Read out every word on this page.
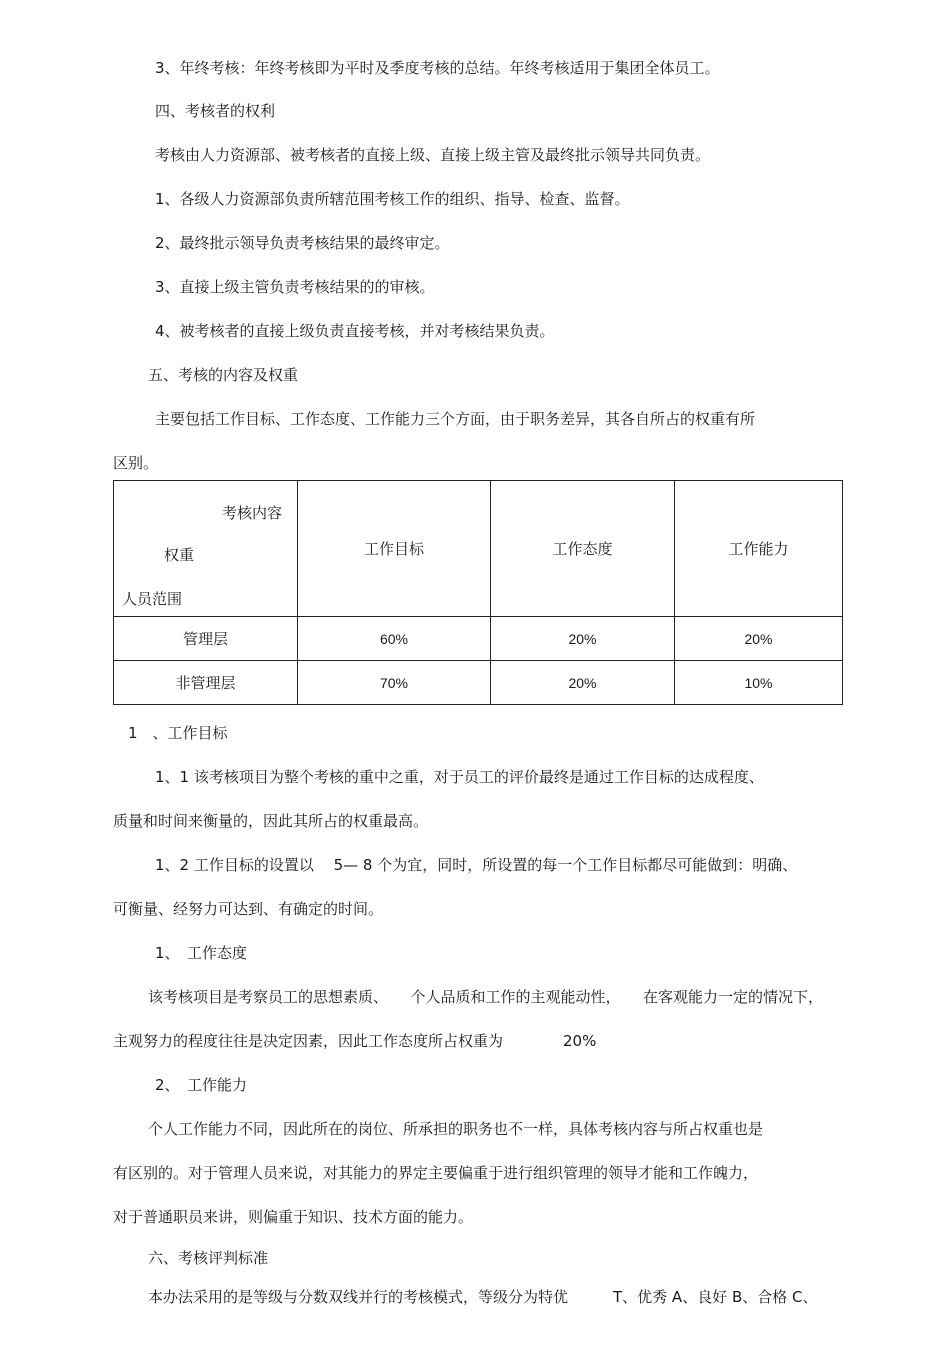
3、年终考核：年终考核即为平时及季度考核的总结。年终考核适用于集团全体员工。
四、考核者的权利
考核由人力资源部、被考核者的直接上级、直接上级主管及最终批示领导共同负责。
1、各级人力资源部负责所辖范围考核工作的组织、指导、检查、监督。
2、最终批示领导负责考核结果的最终审定。
3、直接上级主管负责考核结果的的审核。
4、被考核者的直接上级负责直接考核，并对考核结果负责。
五、考核的内容及权重
主要包括工作目标、工作态度、工作能力三个方面，由于职务差异，其各自所占的权重有所
区别。
考核内容
权重
人员范围	工作目标	工作态度	工作能力
管理层	60%	20%	20%
非管理层	70%	20%	10%
1　、工作目标
1、1 该考核项目为整个考核的重中之重，对于员工的评价最终是通过工作目标的达成程度、
质量和时间来衡量的，因此其所占的权重最高。
1、2 工作目标的设置以　 5— 8 个为宜，同时，所设置的每一个工作目标都尽可能做到：明确、
可衡量、经努力可达到、有确定的时间。
1、　工作态度
该考核项目是考察员工的思想素质、　　个人品质和工作的主观能动性，　　在客观能力一定的情况下，
主观努力的程度往往是决定因素，因此工作态度所占权重为　　　　20%
2、　工作能力
个人工作能力不同，因此所在的岗位、所承担的职务也不一样，具体考核内容与所占权重也是
有区别的。对于管理人员来说，对其能力的界定主要偏重于进行组织管理的领导才能和工作魄力，
对于普通职员来讲，则偏重于知识、技术方面的能力。
六、考核评判标准
本办法采用的是等级与分数双线并行的考核模式，等级分为特优　　　T、优秀 A、良好 B、合格 C、
